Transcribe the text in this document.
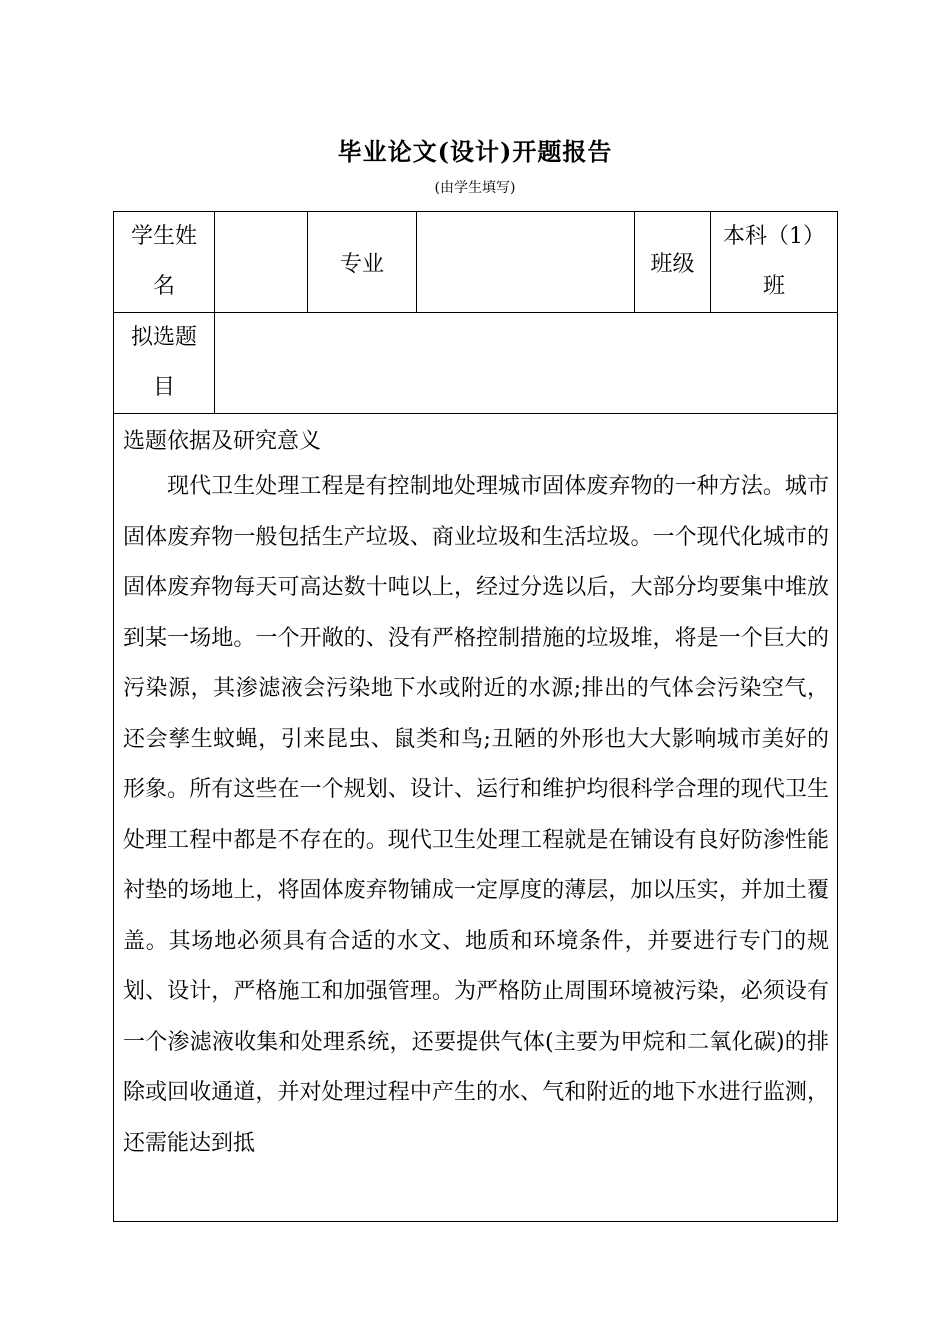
毕业论文(设计)开题报告
(由学生填写)
学生姓名		专业		班级	本科（1）班
拟选题目					

选题依据及研究意义

现代卫生处理工程是有控制地处理城市固体废弃物的一种方法。城市固体废弃物一般包括生产垃圾、商业垃圾和生活垃圾。一个现代化城市的固体废弃物每天可高达数十吨以上，经过分选以后，大部分均要集中堆放到某一场地。一个开敞的、没有严格控制措施的垃圾堆，将是一个巨大的污染源，其渗滤液会污染地下水或附近的水源;排出的气体会污染空气，还会孳生蚊蝇，引来昆虫、鼠类和鸟;丑陋的外形也大大影响城市美好的形象。所有这些在一个规划、设计、运行和维护均很科学合理的现代卫生处理工程中都是不存在的。现代卫生处理工程就是在铺设有良好防渗性能衬垫的场地上，将固体废弃物铺成一定厚度的薄层，加以压实，并加土覆盖。其场地必须具有合适的水文、地质和环境条件，并要进行专门的规划、设计，严格施工和加强管理。为严格防止周围环境被污染，必须设有一个渗滤液收集和处理系统，还要提供气体(主要为甲烷和二氧化碳)的排除或回收通道，并对处理过程中产生的水、气和附近的地下水进行监测，还需能达到抵					
